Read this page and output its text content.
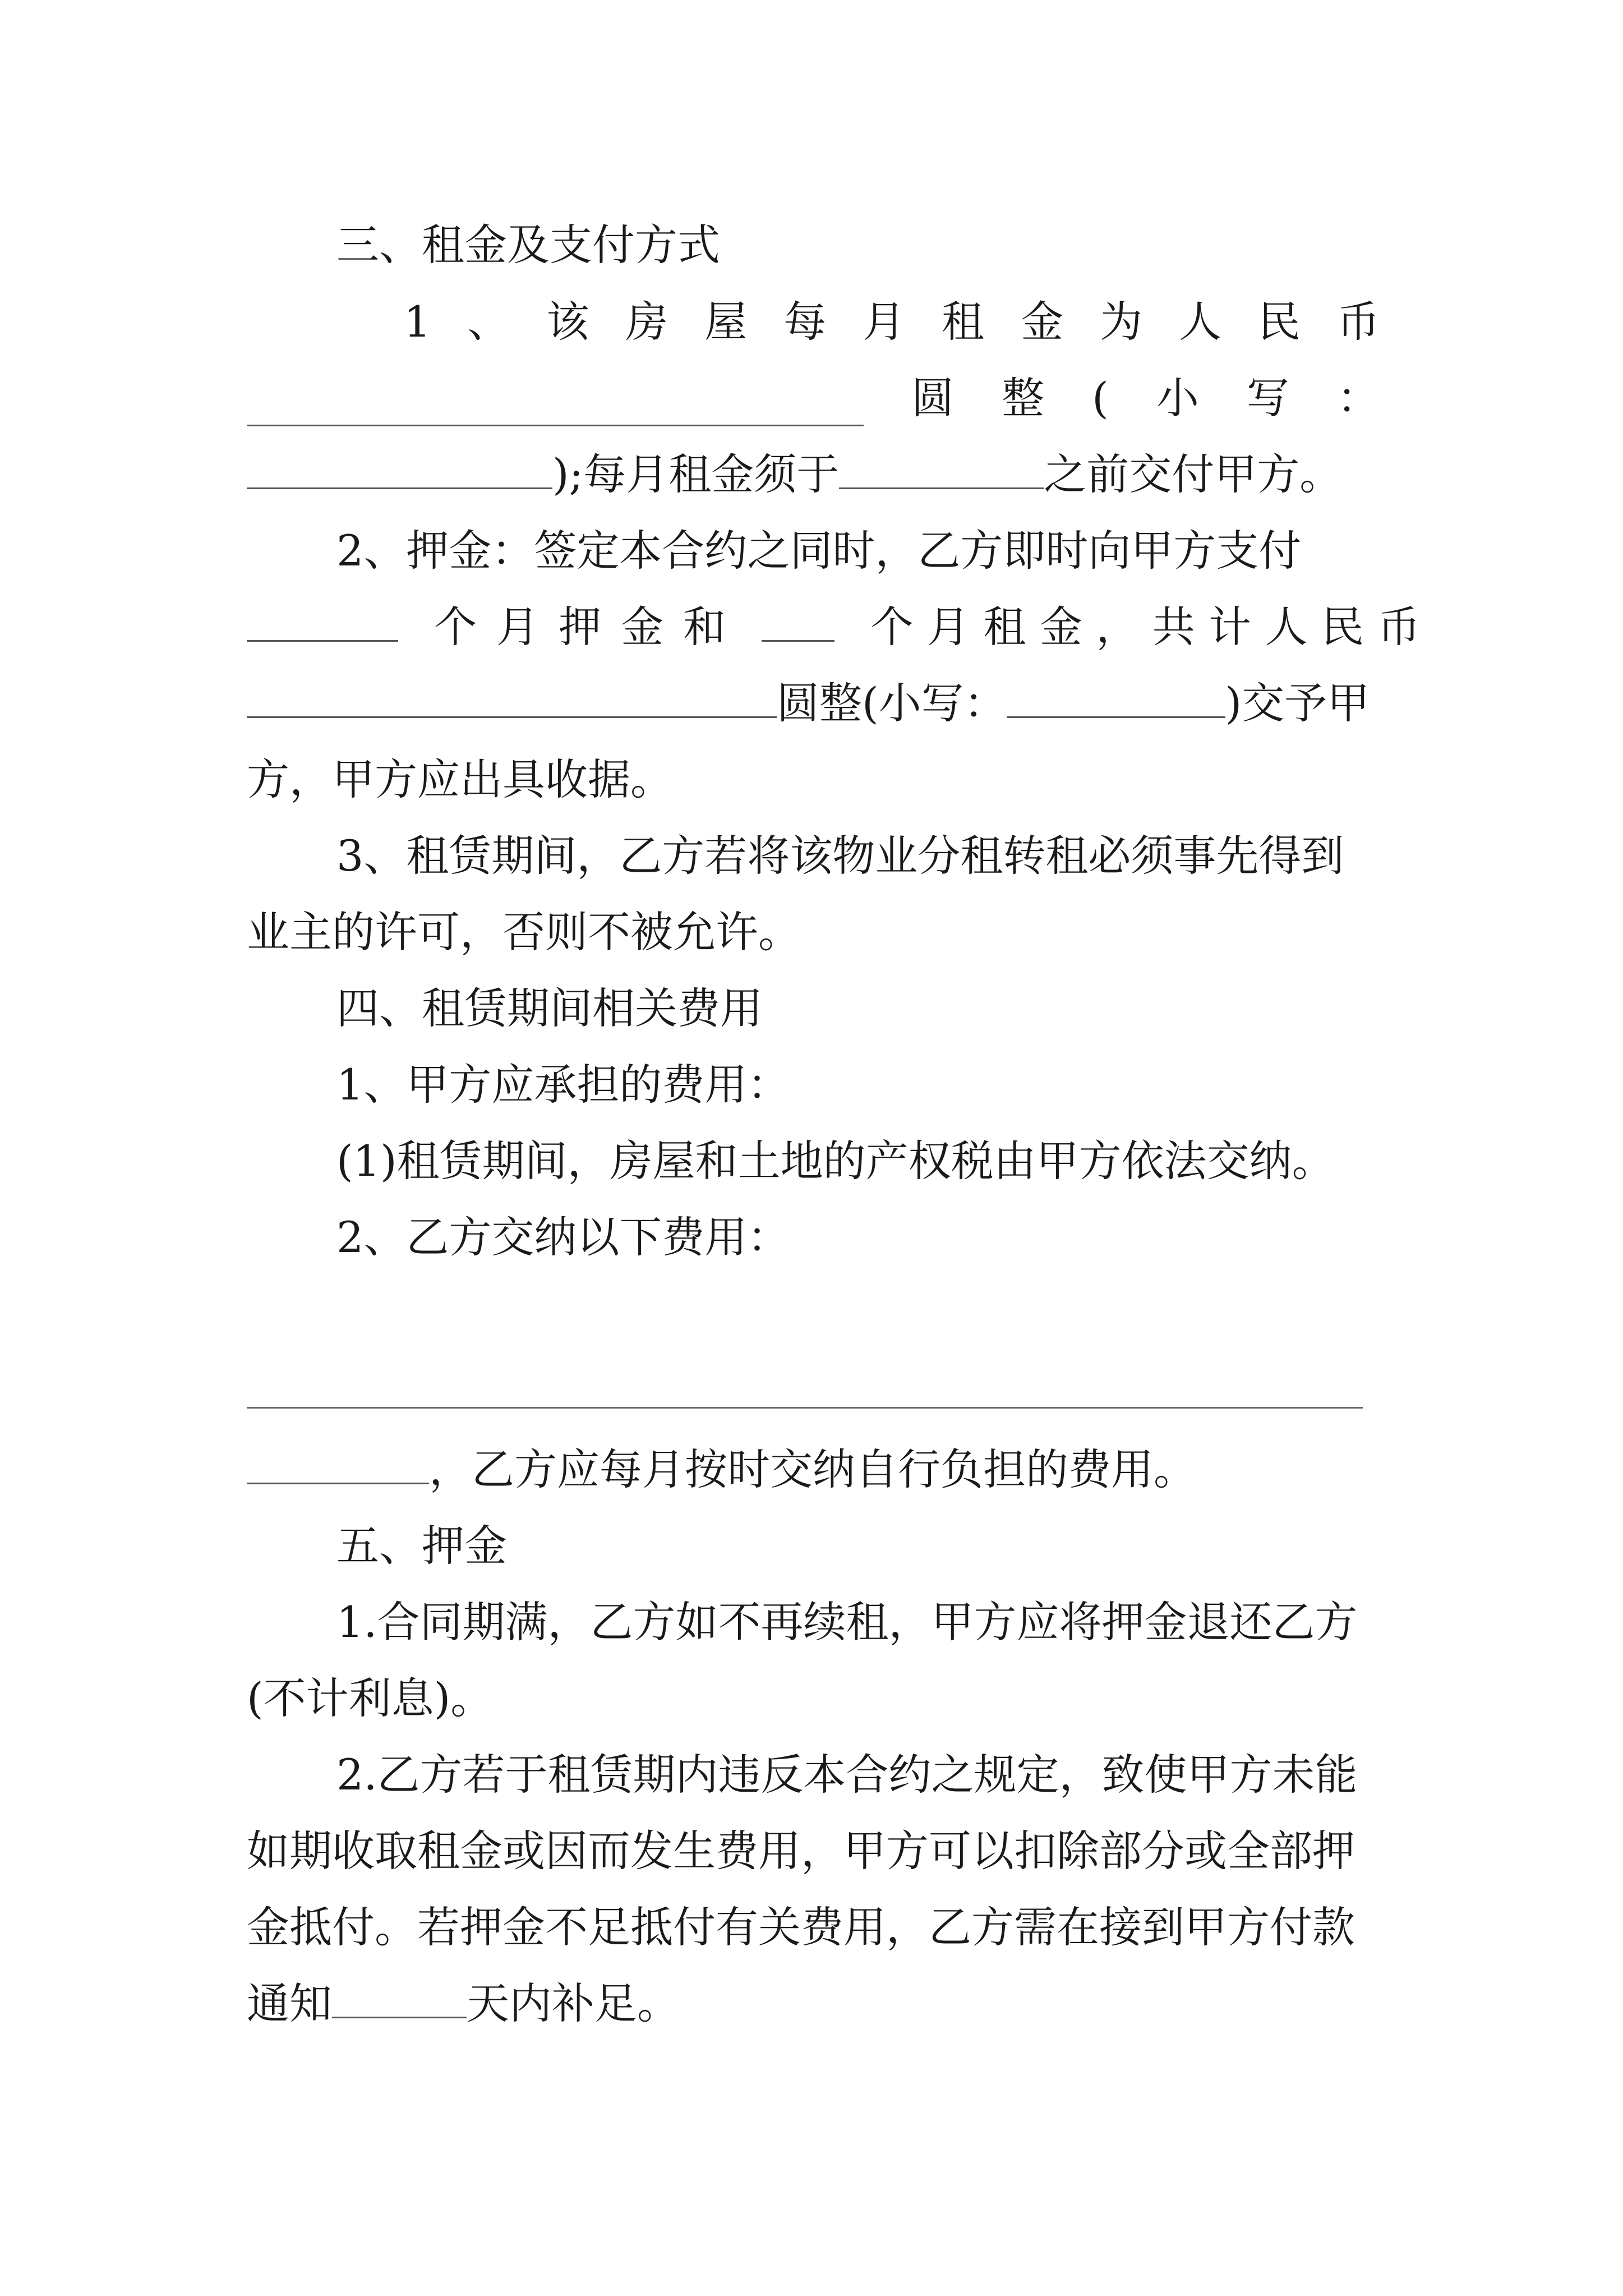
三、租金及支付方式
1 、 该 房 屋 每 月 租 金 为 人 民 币
圆 整 ( 小 写 ：
);每月租金须于	之前交付甲方。
2、押金：签定本合约之同时，乙方即时向甲方支付

个 月 押 金 和
	个 月 租 金 ， 共 计 人 民 币
圆整(小写：	)交予甲
方，甲方应出具收据。
3、租赁期间，乙方若将该物业分租转租必须事先得到
业主的许可，否则不被允许。
四、租赁期间相关费用
1、甲方应承担的费用：
(1)租赁期间，房屋和土地的产权税由甲方依法交纳。
2、乙方交纳以下费用：
，乙方应每月按时交纳自行负担的费用。
五、押金
1.合同期满，乙方如不再续租，甲方应将押金退还乙方
(不计利息)。
2.乙方若于租赁期内违反本合约之规定，致使甲方未能
如期收取租金或因而发生费用，甲方可以扣除部分或全部押
金抵付。若押金不足抵付有关费用，乙方需在接到甲方付款
通知	天内补足。
